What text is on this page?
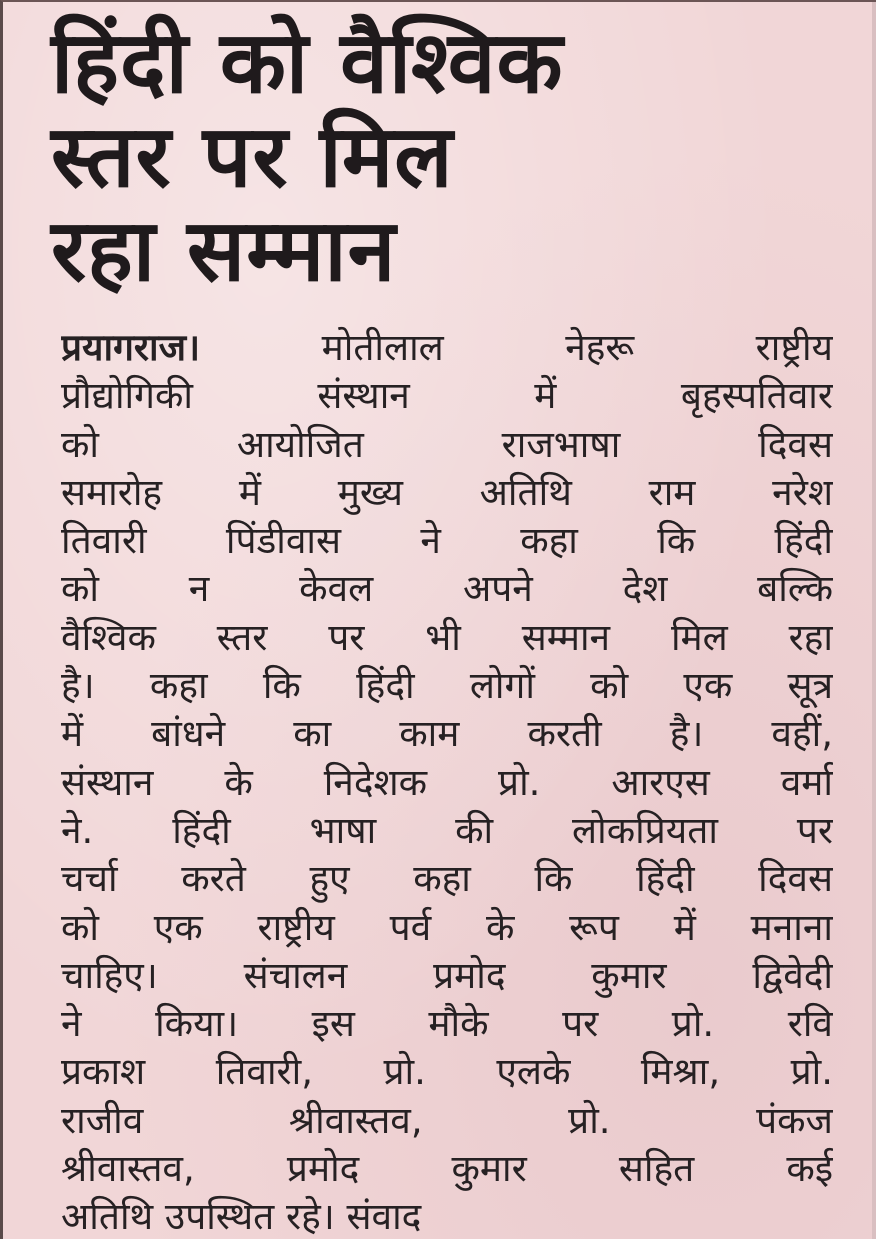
हिंदी को वैश्विक
स्तर पर मिल
रहा सम्मान
प्रयागराज।	मोतीलाल नेहरू राष्ट्रीय
प्रौद्योगिकी संस्थान में बृहस्पतिवार
को आयोजित राजभाषा दिवस
समारोह में मुख्य अतिथि राम नरेश
तिवारी पिंडीवास ने कहा कि हिंदी
को न केवल अपने देश बल्कि
वैश्विक स्तर पर भी सम्मान मिल रहा
है। कहा कि हिंदी लोगों को एक सूत्र
में बांधने का काम करती है। वहीं,
संस्थान के निदेशक प्रो. आरएस वर्मा
ने. हिंदी भाषा की लोकप्रियता पर
चर्चा करते हुए कहा कि हिंदी दिवस
को एक राष्ट्रीय पर्व के रूप में मनाना
चाहिए। संचालन प्रमोद कुमार द्विवेदी
ने किया। इस मौके पर प्रो. रवि
प्रकाश तिवारी, प्रो. एलके मिश्रा, प्रो.
राजीव श्रीवास्तव, प्रो. पंकज
श्रीवास्तव, प्रमोद कुमार सहित कई
अतिथि उपस्थित रहे। संवाद
